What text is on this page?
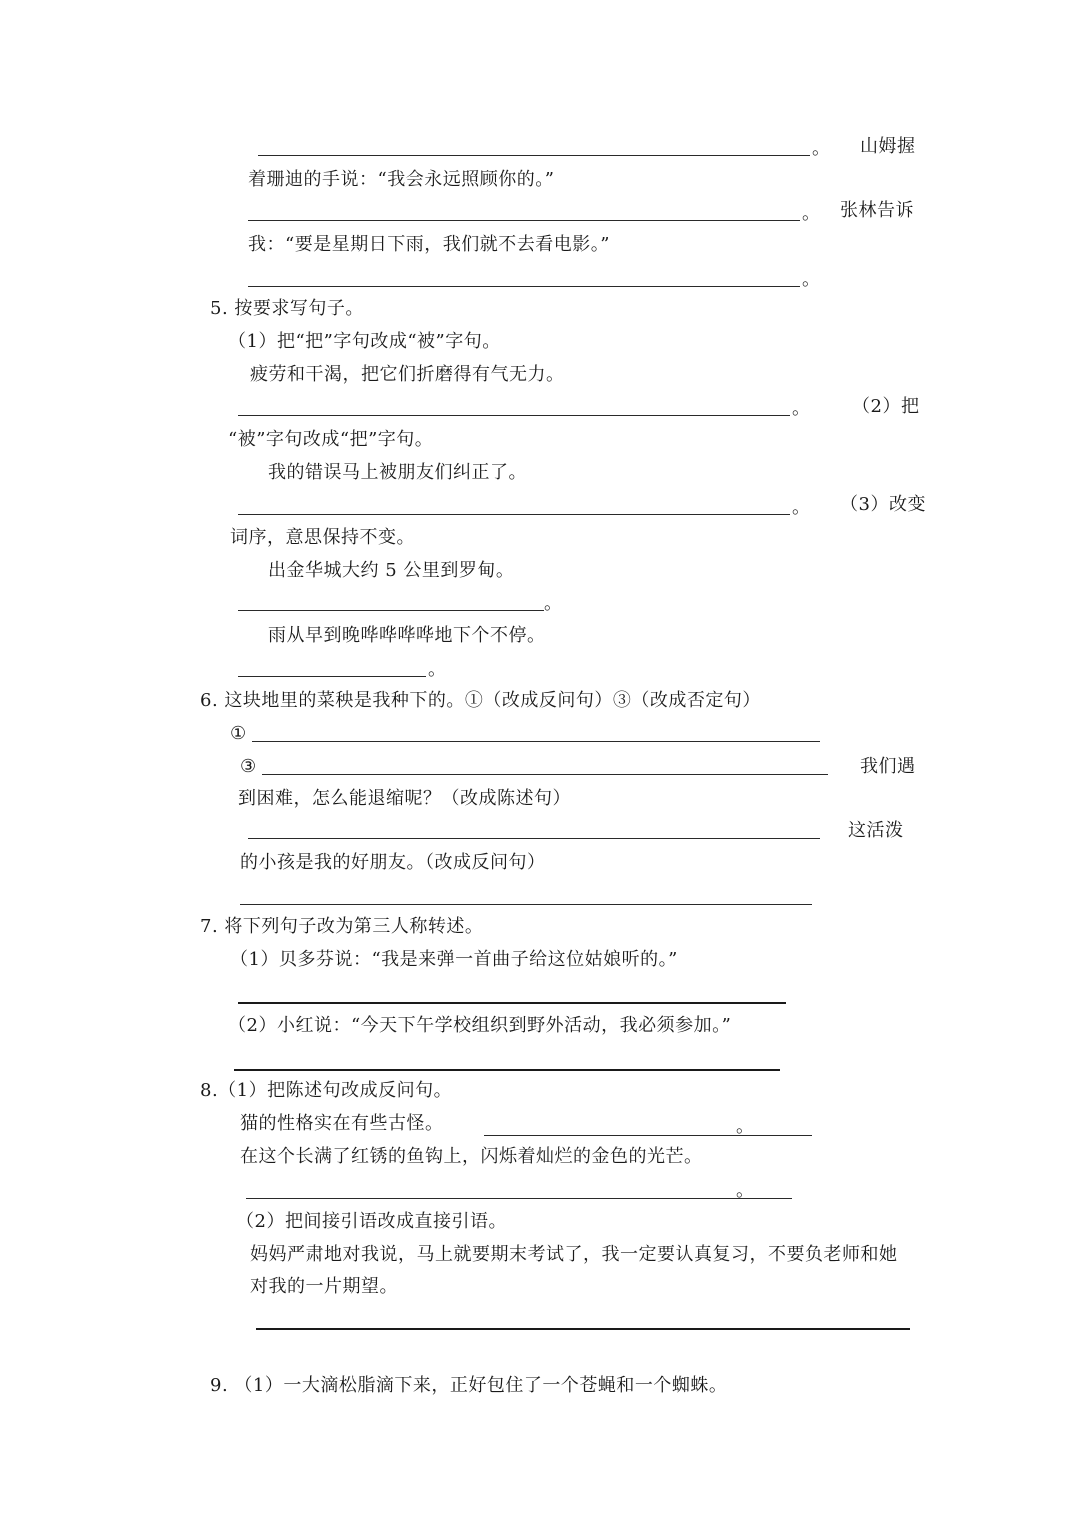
。 山姆握
着珊迪的手说：“我会永远照顾你的。”
。 张林告诉
我：“要是星期日下雨，我们就不去看电影。”
。
5. 按要求写句子。
（1）把“把”字句改成“被”字句。
疲劳和干渴，把它们折磨得有气无力。
。 （2）把
“被”字句改成“把”字句。
我的错误马上被朋友们纠正了。
。 （3）改变
词序，意思保持不变。
出金华城大约 5 公里到罗甸。
。
雨从早到晚哗哗哗哗地下个不停。
。
6. 这块地里的菜秧是我种下的。①（改成反问句）③（改成否定句）
①
③	我们遇
到困难，怎么能退缩呢？（改成陈述句）
这活泼
的小孩是我的好朋友。（改成反问句）
7. 将下列句子改为第三人称转述。
（1）贝多芬说：“我是来弹一首曲子给这位姑娘听的。”
（2）小红说：“今天下午学校组织到野外活动，我必须参加。”
8.（1）把陈述句改成反问句。
猫的性格实在有些古怪。	。
在这个长满了红锈的鱼钩上，闪烁着灿烂的金色的光芒。
。
（2）把间接引语改成直接引语。
妈妈严肃地对我说，马上就要期末考试了，我一定要认真复习，不要负老师和她
对我的一片期望。
9. （1）一大滴松脂滴下来，正好包住了一个苍蝇和一个蜘蛛。
